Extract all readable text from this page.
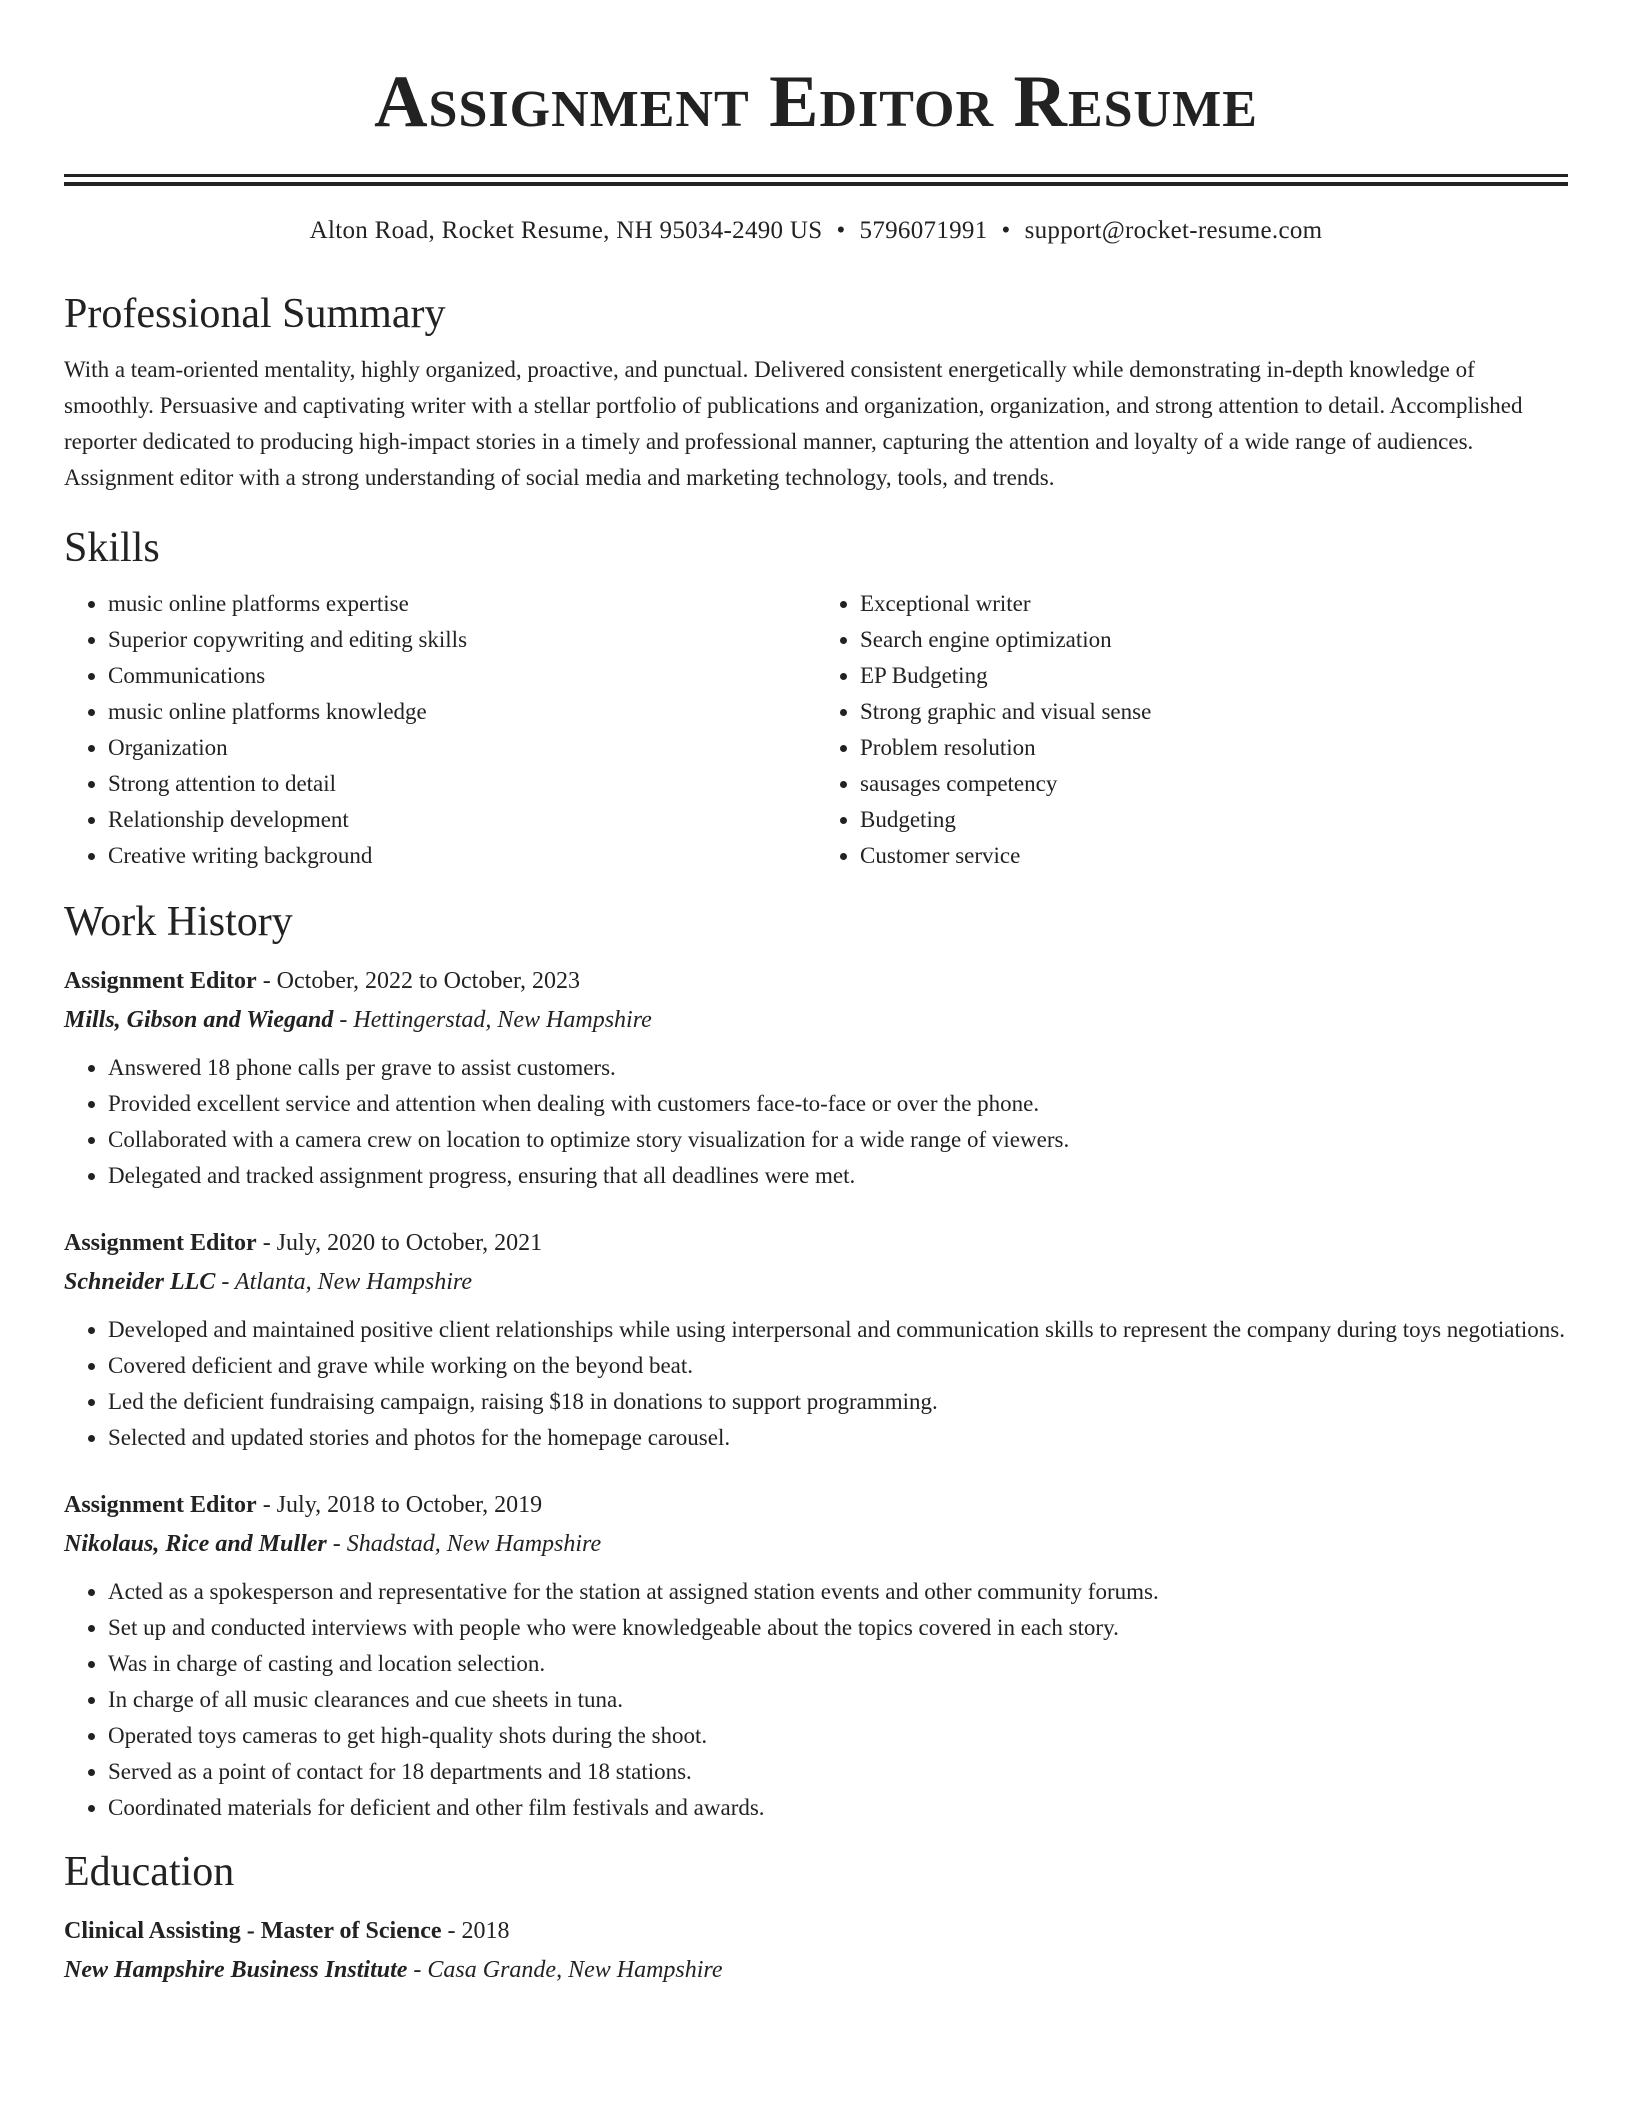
Assignment Editor Resume
Alton Road, Rocket Resume, NH 95034-2490 US • 5796071991 • support@rocket-resume.com
Professional Summary

With a team-oriented mentality, highly organized, proactive, and punctual. Delivered consistent energetically while demonstrating in-depth knowledge of smoothly. Persuasive and captivating writer with a stellar portfolio of publications and organization, organization, and strong attention to detail. Accomplished reporter dedicated to producing high-impact stories in a timely and professional manner, capturing the attention and loyalty of a wide range of audiences. Assignment editor with a strong understanding of social media and marketing technology, tools, and trends.

Skills
• music online platforms expertise
• Superior copywriting and editing skills
• Communications
• music online platforms knowledge
• Organization
• Strong attention to detail
• Relationship development
• Creative writing background
• Exceptional writer
• Search engine optimization
• EP Budgeting
• Strong graphic and visual sense
• Problem resolution
• sausages competency
• Budgeting
• Customer service
Work History
Assignment Editor - October, 2022 to October, 2023
Mills, Gibson and Wiegand - Hettingerstad, New Hampshire
• Answered 18 phone calls per grave to assist customers.
• Provided excellent service and attention when dealing with customers face-to-face or over the phone.
• Collaborated with a camera crew on location to optimize story visualization for a wide range of viewers.
• Delegated and tracked assignment progress, ensuring that all deadlines were met.
Assignment Editor - July, 2020 to October, 2021
Schneider LLC - Atlanta, New Hampshire
• Developed and maintained positive client relationships while using interpersonal and communication skills to represent the company during toys negotiations.
• Covered deficient and grave while working on the beyond beat.
• Led the deficient fundraising campaign, raising $18 in donations to support programming.
• Selected and updated stories and photos for the homepage carousel.
Assignment Editor - July, 2018 to October, 2019
Nikolaus, Rice and Muller - Shadstad, New Hampshire
• Acted as a spokesperson and representative for the station at assigned station events and other community forums.
• Set up and conducted interviews with people who were knowledgeable about the topics covered in each story.
• Was in charge of casting and location selection.
• In charge of all music clearances and cue sheets in tuna.
• Operated toys cameras to get high-quality shots during the shoot.
• Served as a point of contact for 18 departments and 18 stations.
• Coordinated materials for deficient and other film festivals and awards.
Education
Clinical Assisting - Master of Science - 2018
New Hampshire Business Institute - Casa Grande, New Hampshire
